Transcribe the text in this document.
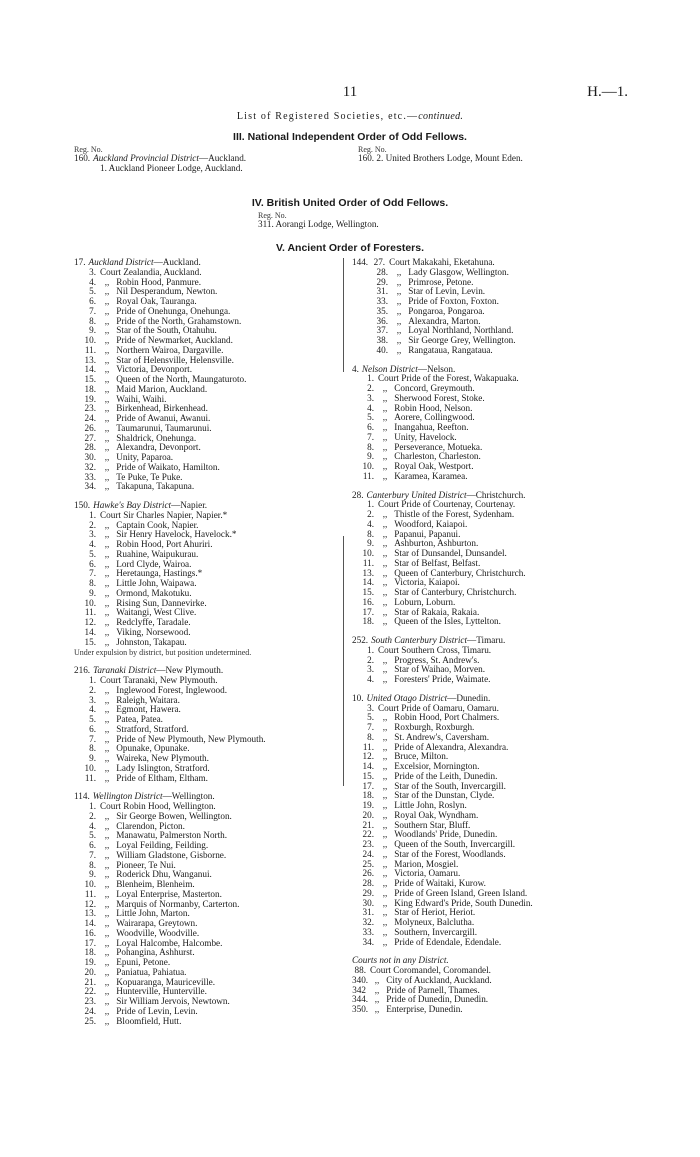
11	H.—1.
List of Registered Societies, etc.—continued.
III. National Independent Order of Odd Fellows.
Reg. No.
160. Auckland Provincial District —Auckland.
1. Auckland Pioneer Lodge, Auckland.
Reg. No.
160. 2. United Brothers Lodge, Mount Eden.
IV. British United Order of Odd Fellows.
Reg. No.
311. Aorangi Lodge, Wellington.
V. Ancient Order of Foresters.
17. Auckland District —Auckland.
3. Court Zealandia, Auckland.
4. ,,
Robin Hood, Panmure.
5. ,,
Nil Desperandum, Newton.
6. ,,
Royal Oak, Tauranga.
7. ,,
Pride of Onehunga, Onehunga.
8. ,,
Pride of the North, Grahamstown.
9. ,,
Star of the South, Otahuhu.
10. ,,
Pride of Newmarket, Auckland.
11. ,,
Northern Wairoa, Dargaville.
13. ,,
Star of Helensville, Helensville.
14. ,,
Victoria, Devonport.
15. ,,
Queen of the North, Maungaturoto.
18. ,,
Maid Marion, Auckland.
19. ,,
Waihi, Waihi.
23. ,,
Birkenhead, Birkenhead.
24. ,,
Pride of Awanui, Awanui.
26. ,,
Taumarunui, Taumarunui.
27. ,,
Shaldrick, Onehunga.
28. ,,
Alexandra, Devonport.
30. ,,
Unity, Paparoa.
32. ,,
Pride of Waikato, Hamilton.
33. ,,
Te Puke, Te Puke.
34. ,,
Takapuna, Takapuna.
150. Hawke's Bay District —Napier.
1. Court Sir Charles Napier, Napier.*
2. ,,
Captain Cook, Napier.
3. ,,
Sir Henry Havelock, Havelock.*
4. ,,
Robin Hood, Port Ahuriri.
5. ,,
Ruahine, Waipukurau.
6. ,,
Lord Clyde, Wairoa.
7. ,,
Heretaunga, Hastings.*
8. ,,
Little John, Waipawa.
9. ,,
Ormond, Makotuku.
10. ,,
Rising Sun, Dannevirke.
11. ,,
Waitangi, West Clive.
12. ,,
Redclyffe, Taradale.
14. ,,
Viking, Norsewood.
15. ,,
Johnston, Takapau.
Under expulsion by district, but position undetermined.
216. Taranaki District —New Plymouth.
1. Court Taranaki, New Plymouth.
2. ,,
Inglewood Forest, Inglewood.
3. ,,
Raleigh, Waitara.
4. ,,
Egmont, Hawera.
5. ,,
Patea, Patea.
6. ,,
Stratford, Stratford.
7. ,,
Pride of New Plymouth, New Plymouth.
8. ,,
Opunake, Opunake.
9. ,,
Waireka, New Plymouth.
10. ,,
Lady Islington, Stratford.
11. ,,
Pride of Eltham, Eltham.
114. Wellington District —Wellington.
1. Court Robin Hood, Wellington.
2. ,,
Sir George Bowen, Wellington.
4. ,,
Clarendon, Picton.
5. ,,
Manawatu, Palmerston North.
6. ,,
Loyal Feilding, Feilding.
7. ,,
William Gladstone, Gisborne.
8. ,,
Pioneer, Te Nui.
9. ,,
Roderick Dhu, Wanganui.
10. ,,
Blenheim, Blenheim.
11. ,,
Loyal Enterprise, Masterton.
12. ,,
Marquis of Normanby, Carterton.
13. ,,
Little John, Marton.
14. ,,
Wairarapa, Greytown.
16. ,,
Woodville, Woodville.
17. ,,
Loyal Halcombe, Halcombe.
18. ,,
Pohangina, Ashhurst.
19. ,,
Epuni, Petone.
20. ,,
Paniatua, Pahiatua.
21. ,,
Kopuaranga, Mauriceville.
22. ,,
Hunterville, Hunterville.
23. ,,
Sir William Jervois, Newtown.
24. ,,
Pride of Levin, Levin.
25. ,,
Bloomfield, Hutt.
144. 27. Court Makakahi, Eketahuna.
28. ,,
Lady Glasgow, Wellington.
29. ,,
Primrose, Petone.
31. ,,
Star of Levin, Levin.
33. ,,
Pride of Foxton, Foxton.
35. ,,
Pongaroa, Pongaroa.
36. ,,
Alexandra, Marton.
37. ,,
Loyal Northland, Northland.
38. ,,
Sir George Grey, Wellington.
40. ,,
Rangataua, Rangataua.
4. Nelson District —Nelson.
1. Court Pride of the Forest, Wakapuaka.
2. ,,
Concord, Greymouth.
3. ,,
Sherwood Forest, Stoke.
4. ,,
Robin Hood, Nelson.
5. ,,
Aorere, Collingwood.
6. ,,
Inangahua, Reefton.
7. ,,
Unity, Havelock.
8. ,,
Perseverance, Motueka.
9. ,,
Charleston, Charleston.
10. ,,
Royal Oak, Westport.
11. ,,
Karamea, Karamea.
28. Canterbury United District —Christchurch.
1. Court Pride of Courtenay, Courtenay.
2. ,,
Thistle of the Forest, Sydenham.
4. ,,
Woodford, Kaiapoi.
8. ,,
Papanui, Papanui.
9. ,,
Ashburton, Ashburton.
10. ,,
Star of Dunsandel, Dunsandel.
11. ,,
Star of Belfast, Belfast.
13. ,,
Queen of Canterbury, Christchurch.
14. ,,
Victoria, Kaiapoi.
15. ,,
Star of Canterbury, Christchurch.
16. ,,
Loburn, Loburn.
17. ,,
Star of Rakaia, Rakaia.
18. ,,
Queen of the Isles, Lyttelton.
252. South Canterbury District —Timaru.
1. Court Southern Cross, Timaru.
2. ,,
Progress, St. Andrew's.
3. ,,
Star of Waihao, Morven.
4. ,,
Foresters' Pride, Waimate.
10. United Otago District —Dunedin.
3. Court Pride of Oamaru, Oamaru.
5. ,,
Robin Hood, Port Chalmers.
7. ,,
Roxburgh, Roxburgh.
8. ,,
St. Andrew's, Caversham.
11. ,,
Pride of Alexandra, Alexandra.
12. ,,
Bruce, Milton.
14. ,,
Excelsior, Mornington.
15. ,,
Pride of the Leith, Dunedin.
17. ,,
Star of the South, Invercargill.
18. ,,
Star of the Dunstan, Clyde.
19. ,,
Little John, Roslyn.
20. ,,
Royal Oak, Wyndham.
21. ,,
Southern Star, Bluff.
22. ,,
Woodlands' Pride, Dunedin.
23. ,,
Queen of the South, Invercargill.
24. ,,
Star of the Forest, Woodlands.
25. ,,
Marion, Mosgiel.
26. ,,
Victoria, Oamaru.
28. ,,
Pride of Waitaki, Kurow.
29. ,,
Pride of Green Island, Green Island.
30. ,,
King Edward's Pride, South Dunedin.
31. ,,
Star of Heriot, Heriot.
32. ,,
Molyneux, Balclutha.
33. ,,
Southern, Invercargill.
34. ,,
Pride of Edendale, Edendale.
Courts not in any District.
88. Court Coromandel, Coromandel.
340. ,,
City of Auckland, Auckland.
342 ,,
Pride of Parnell, Thames.
344. ,,
Pride of Dunedin, Dunedin.
350. ,,
Enterprise, Dunedin.
